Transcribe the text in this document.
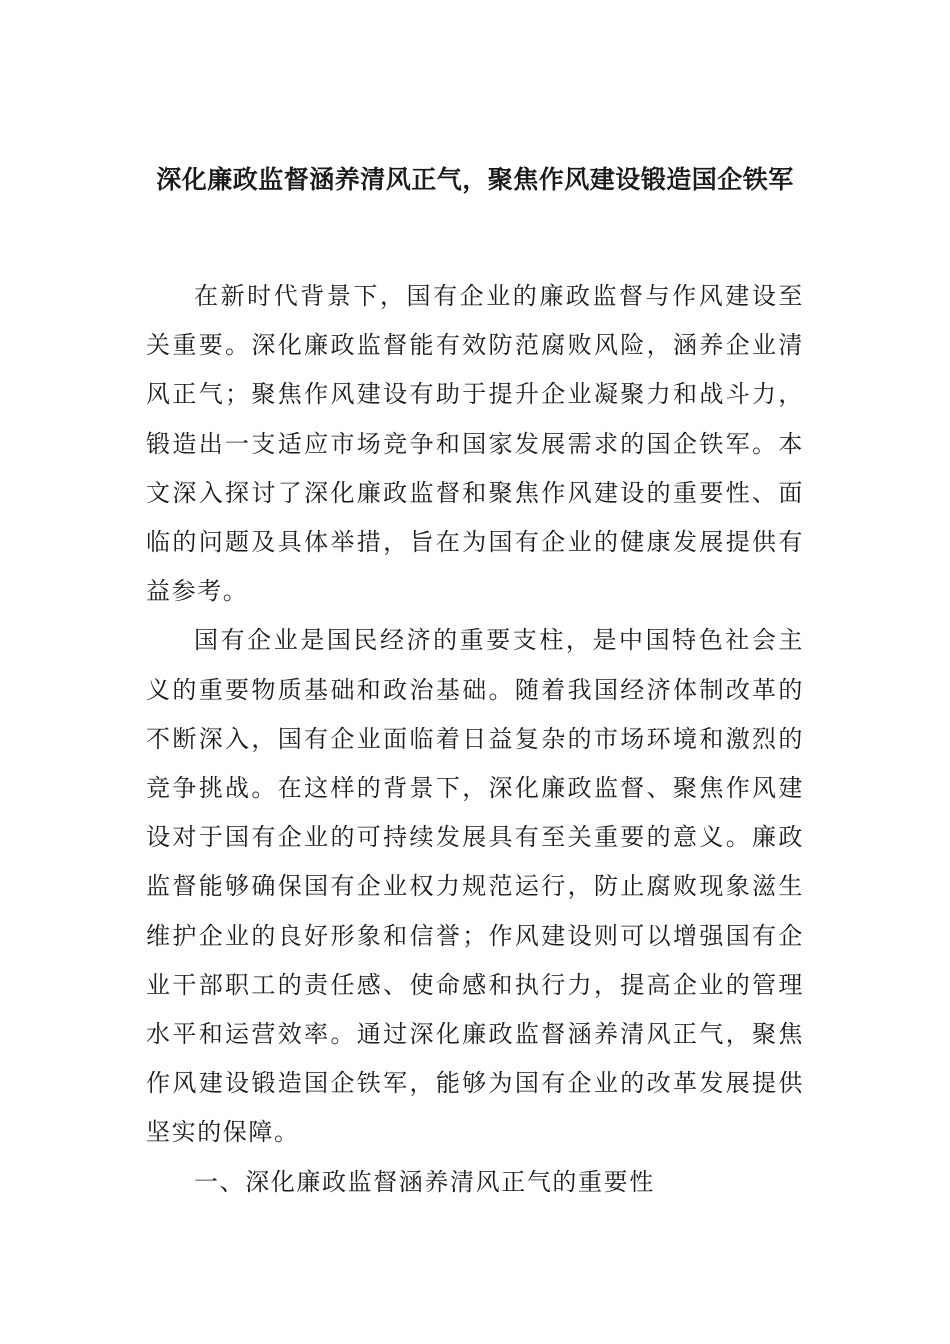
深化廉政监督涵养清风正气，聚焦作风建设锻造国企铁军

在新时代背景下，国有企业的廉政监督与作风建设至关重要。深化廉政监督能有效防范腐败风险，涵养企业清风正气；聚焦作风建设有助于提升企业凝聚力和战斗力，锻造出一支适应市场竞争和国家发展需求的国企铁军。本文深入探讨了深化廉政监督和聚焦作风建设的重要性、面临的问题及具体举措，旨在为国有企业的健康发展提供有益参考。

国有企业是国民经济的重要支柱，是中国特色社会主义的重要物质基础和政治基础。随着我国经济体制改革的不断深入，国有企业面临着日益复杂的市场环境和激烈的竞争挑战。在这样的背景下，深化廉政监督、聚焦作风建设对于国有企业的可持续发展具有至关重要的意义。廉政监督能够确保国有企业权力规范运行，防止腐败现象滋生维护企业的良好形象和信誉；作风建设则可以增强国有企业干部职工的责任感、使命感和执行力，提高企业的管理水平和运营效率。通过深化廉政监督涵养清风正气，聚焦作风建设锻造国企铁军，能够为国有企业的改革发展提供坚实的保障。

一、深化廉政监督涵养清风正气的重要性
